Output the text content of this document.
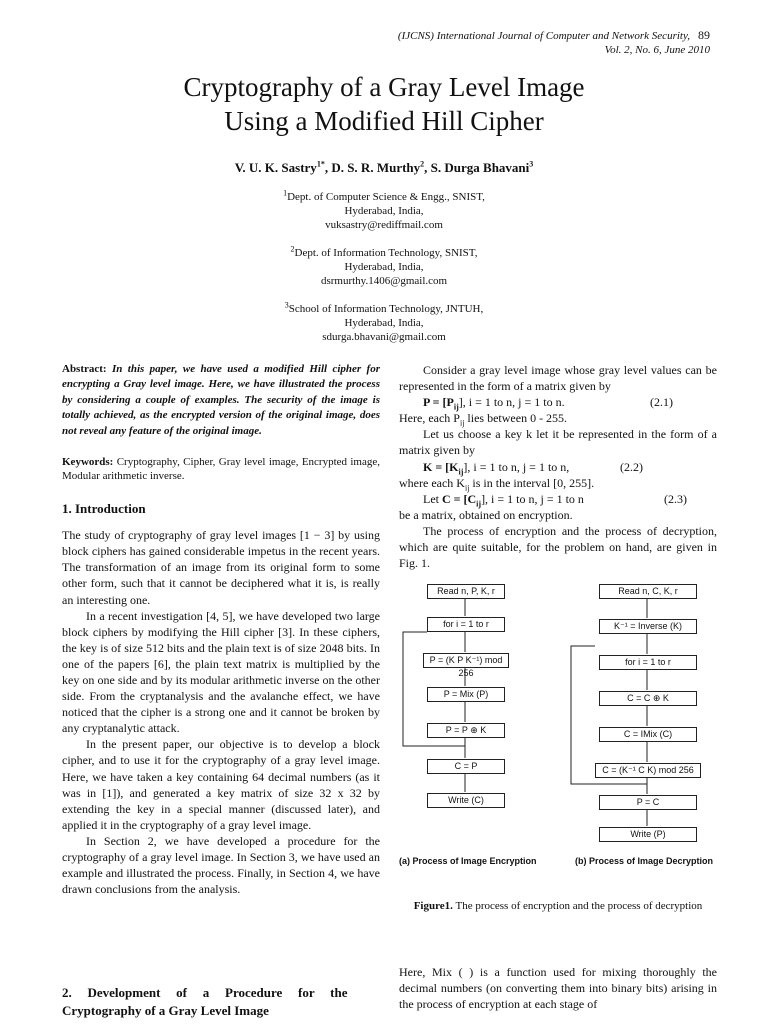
(IJCNS) International Journal of Computer and Network Security, 89
Vol. 2, No. 6, June 2010
Cryptography of a Gray Level Image
Using a Modified Hill Cipher
V. U. K. Sastry$^{1*}$, D. S. R. Murthy$^2$, S. Durga Bhavani$^3$
$^1$Dept. of Computer Science & Engg., SNIST,
Hyderabad, India,
vuksastry@rediffmail.com
$^2$Dept. of Information Technology, SNIST,
Hyderabad, India,
dsrmurthy.1406@gmail.com
$^3$School of Information Technology, JNTUH,
Hyderabad, India,
sdurga.bhavani@gmail.com

Abstract: In this paper, we have used a modified Hill cipher for encrypting a Gray level image. Here, we have illustrated the process by considering a couple of examples. The security of the image is totally achieved, as the encrypted version of the original image, does not reveal any feature of the original image.

Keywords: Cryptography, Cipher, Gray level image, Encrypted image, Modular arithmetic inverse.

1. Introduction

The study of cryptography of gray level images [1 − 3] by using block ciphers has gained considerable impetus in the recent years. The transformation of an image from its original form to some other form, such that it cannot be deciphered what it is, is really an interesting one.

In a recent investigation [4, 5], we have developed two large block ciphers by modifying the Hill cipher [3]. In these ciphers, the key is of size 512 bits and the plain text is of size 2048 bits. In one of the papers [6], the plain text matrix is multiplied by the key on one side and by its modular arithmetic inverse on the other side. From the cryptanalysis and the avalanche effect, we have noticed that the cipher is a strong one and it cannot be broken by any cryptanalytic attack.

In the present paper, our objective is to develop a block cipher, and to use it for the cryptography of a gray level image. Here, we have taken a key containing 64 decimal numbers (as it was in [1]), and generated a key matrix of size 32 x 32 by extending the key in a special manner (discussed later), and applied it in the cryptography of a gray level image.

In Section 2, we have developed a procedure for the cryptography of a gray level image. In Section 3, we have used an example and illustrated the process. Finally, in Section 4, we have drawn conclusions from the analysis.

2.   Development   of   a   Procedure   for   the
Cryptography of a Gray Level Image

Consider a gray level image whose gray level values can be represented in the form of a matrix given by

$P = [P_{ij}$ ], i = 1 to n, j = 1 to n.	(2.1)

Here, each $P_{ij}$ lies between 0 - 255.

Let us choose a key k let it be represented in the form of a matrix given by

$K = [K_{ij}$ ], i = 1 to n, j = 1 to n,	(2.2)

where each $K_{ij}$ is in the interval [0, 255].

Let $C = [C_{ij}$ ], i = 1 to n, j = 1 to n	(2.3)

be a matrix, obtained on encryption.

The process of encryption and the process of decryption, which are quite suitable, for the problem on hand, are given in Fig. 1.

Read n, P, K, r
for i = 1 to r
P = (K P K⁻¹) mod 256
P = Mix (P)
P = P ⊕ K
C = P
Write (C)
Read n, C, K, r
K⁻¹ = Inverse (K)
for i = 1 to r
C = C ⊕ K
C = IMix (C)
C = (K⁻¹ C K) mod 256
P = C
Write (P)
(a) Process of Image Encryption	(b) Process of Image Decryption
Figure1. The process of encryption and the process of decryption
Here, Mix ( ) is a function used for mixing thoroughly the decimal numbers (on converting them into binary bits) arising in the process of encryption at each stage of
